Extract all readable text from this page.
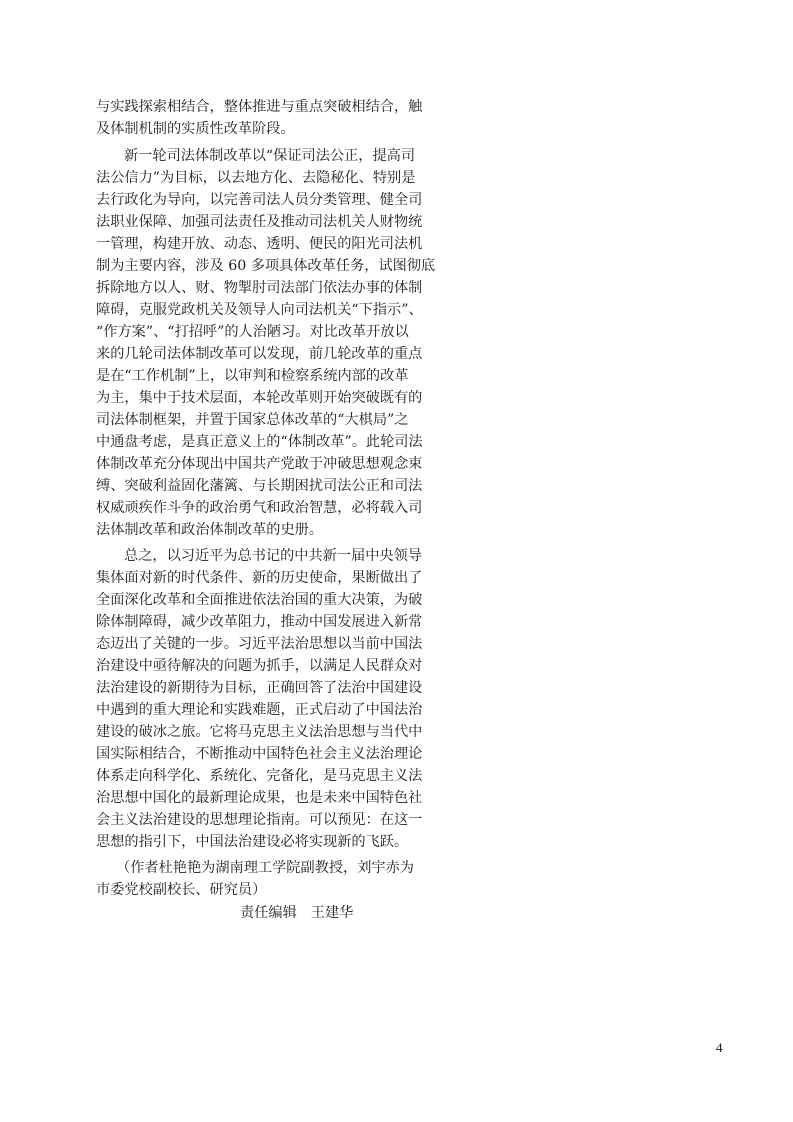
与实践探索相结合，整体推进与重点突破相结合，触
及体制机制的实质性改革阶段。
新一轮司法体制改革以“保证司法公正，提高司
法公信力”为目标，以去地方化、去隐秘化、特别是
去行政化为导向，以完善司法人员分类管理、健全司
法职业保障、加强司法责任及推动司法机关人财物统
一管理，构建开放、动态、透明、便民的阳光司法机
制为主要内容，涉及 60 多项具体改革任务，试图彻底
拆除地方以人、财、物掣肘司法部门依法办事的体制
障碍，克服党政机关及领导人向司法机关“下指示”、
“作方案”、“打招呼”的人治陋习。对比改革开放以
来的几轮司法体制改革可以发现，前几轮改革的重点
是在“工作机制”上，以审判和检察系统内部的改革
为主，集中于技术层面，本轮改革则开始突破既有的
司法体制框架，并置于国家总体改革的“大棋局”之
中通盘考虑，是真正意义上的“体制改革”。此轮司法
体制改革充分体现出中国共产党敢于冲破思想观念束
缚、突破利益固化藩篱、与长期困扰司法公正和司法
权威顽疾作斗争的政治勇气和政治智慧，必将载入司
法体制改革和政治体制改革的史册。
总之，以习近平为总书记的中共新一届中央领导
集体面对新的时代条件、新的历史使命，果断做出了
全面深化改革和全面推进依法治国的重大决策，为破
除体制障碍，减少改革阻力，推动中国发展进入新常
态迈出了关键的一步。习近平法治思想以当前中国法
治建设中亟待解决的问题为抓手，以满足人民群众对
法治建设的新期待为目标，正确回答了法治中国建设
中遇到的重大理论和实践难题，正式启动了中国法治
建设的破冰之旅。它将马克思主义法治思想与当代中
国实际相结合，不断推动中国特色社会主义法治理论
体系走向科学化、系统化、完备化，是马克思主义法
治思想中国化的最新理论成果，也是未来中国特色社
会主义法治建设的思想理论指南。可以预见：在这一
思想的指引下，中国法治建设必将实现新的飞跃。
（作者杜艳艳为湖南理工学院副教授，刘宇赤为
市委党校副校长、研究员）
责任编辑 王建华
4
